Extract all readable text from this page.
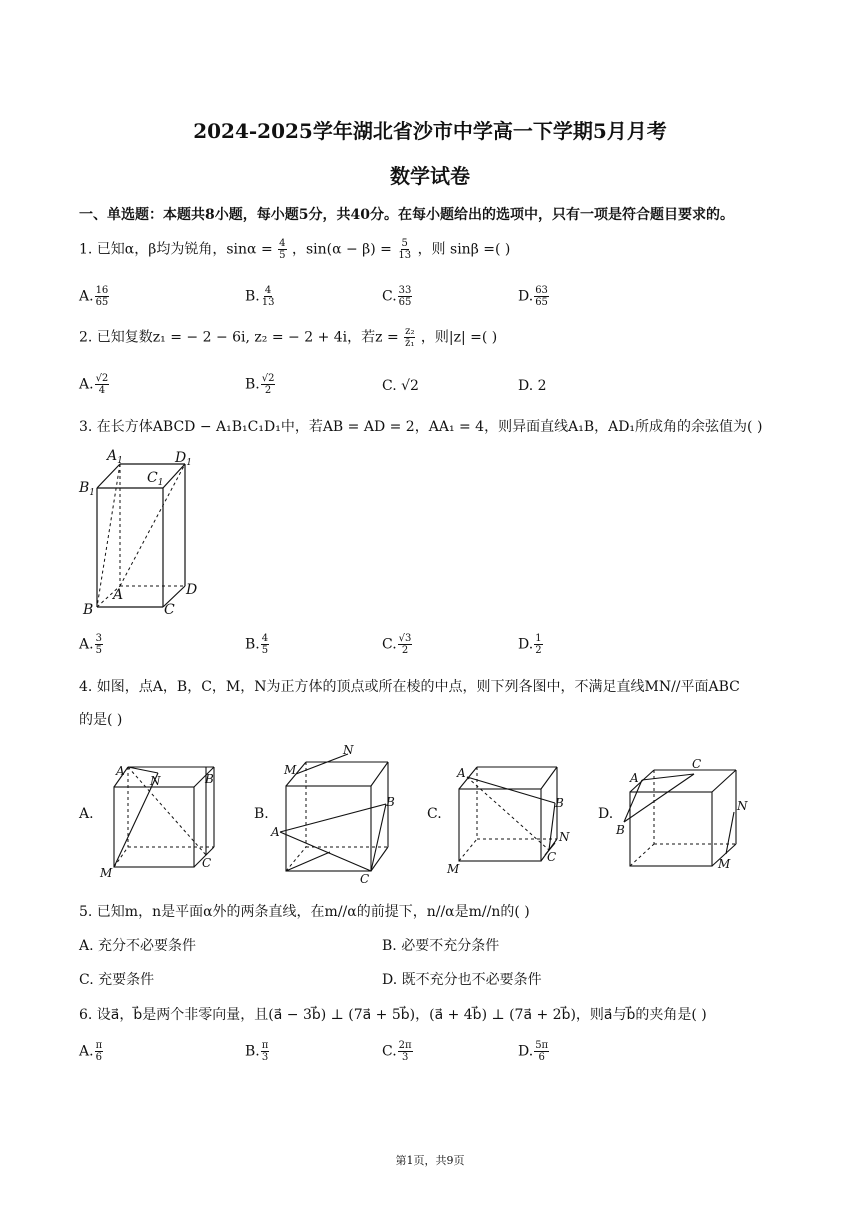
2024-2025学年湖北省沙市中学高一下学期5月月考
数学试卷
一、单选题：本题共8小题，每小题5分，共40分。在每小题给出的选项中，只有一项是符合题目要求的。
1. 已知α，β均为锐角，$\sin\alpha = \frac{4}{5}$ ，$\sin(\alpha - \beta) = \frac{5}{13}$ ，则 sinβ =( )
A. $\frac{16}{65}$	B. $\frac{4}{13}$	C. $\frac{33}{65}$	D. $\frac{63}{65}$
2. 已知复数z₁ = − 2 − 6i, z₂ = − 2 + 4i，若$z = \frac{\text{z₂}}{\text{z̄₁}}$ ，则|z| =( )
A. $\frac{√2}{4}$	B. $\frac{√2}{2}$	C. √2	D. 2
3. 在长方体ABCD − A₁B₁C₁D₁中，若AB = AD = 2，AA₁ = 4，则异面直线A₁B，AD₁所成角的余弦值为( )
$A_1$	$D_1$
$B_1$
$C_1$
A
B	C
D
A. $\frac{3}{5}$	B. $\frac{4}{5}$	C. $\frac{√3}{2}$	D. $\frac{1}{2}$
4. 如图，点A，B，C，M，N为正方体的顶点或所在棱的中点，则下列各图中，不满足直线MN//平面ABC
的是( )
A.	B.	C.	D.
A
N	B
C
M
M
N
B
A
C
A
B
N
C
M
A
C
B
N
M
5. 已知m，n是平面α外的两条直线，在m//α的前提下，n//α是m//n的( )
A. 充分不必要条件	B. 必要不充分条件
C. 充要条件	D. 既不充分也不必要条件
6. 设a⃗，b⃗是两个非零向量，且(a⃗ − 3b⃗) ⊥ (7a⃗ + 5b⃗)，(a⃗ + 4b⃗) ⊥ (7a⃗ + 2b⃗)，则a⃗与b⃗的夹角是( )
A. $\frac{\pi}{6}$	B. $\frac{\pi}{3}$	C. $\frac{2\pi}{3}$	D. $\frac{5\pi}{6}$
第1页，共9页
